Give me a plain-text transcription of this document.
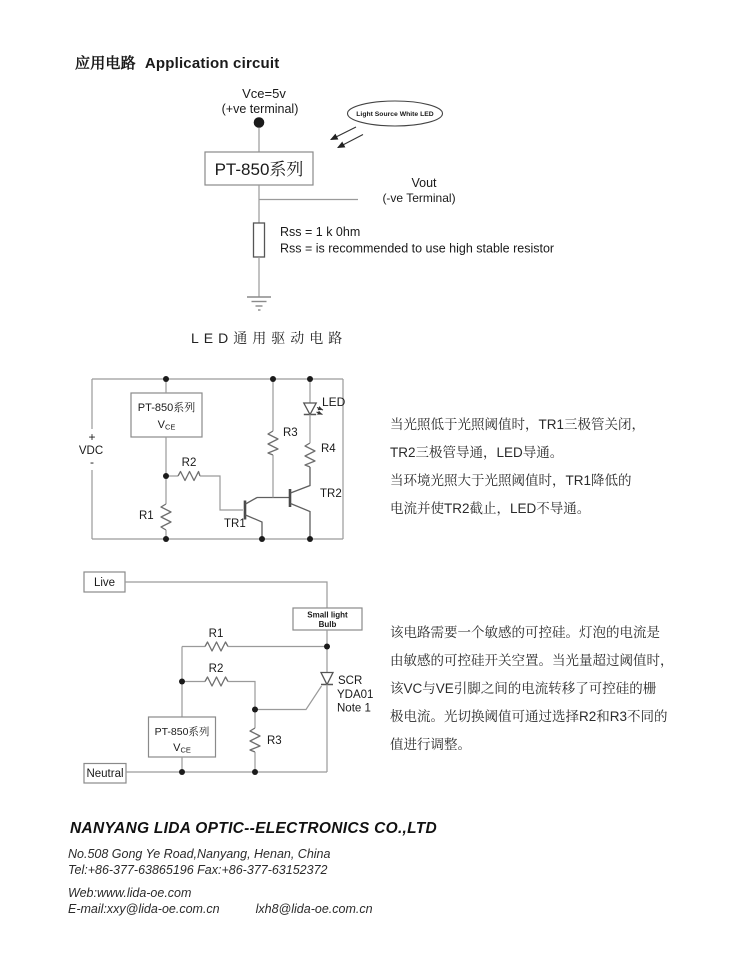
应用电路 Application circuit
Vce=5v
(+ve terminal)	Light Source White LED
PT-850系列
Vout
(-ve Terminal)
Rss = 1 k 0hm
Rss = is recommended to use high stable resistor
LED通用驱动电路
+
VDC
-
PT-850系列
VCE
R1
R2
TR1
R3
TR2
R4
LED
当光照低于光照阈值时，TR1三极管关闭，
TR2三极管导通，LED导通。
当环境光照大于光照阈值时，TR1降低的
电流并使TR2截止，LED不导通。
Live
Small light
Bulb
R1
R2
SCR
YDA01
Note 1
R3
PT-850系列
VCE
Neutral
该电路需要一个敏感的可控硅。灯泡的电流是
由敏感的可控硅开关空置。当光量超过阈值时，
该VC与VE引脚之间的电流转移了可控硅的栅
极电流。光切换阈值可通过选择R2和R3不同的
值进行调整。
NANYANG LIDA OPTIC--ELECTRONICS CO.,LTD
No.508 Gong Ye Road,Nanyang, Henan, China
Tel:+86-377-63865196 Fax:+86-377-63152372
Web:www.lida-oe.com
E-mail:xxy@lida-oe.com.cn	lxh8@lida-oe.com.cn
